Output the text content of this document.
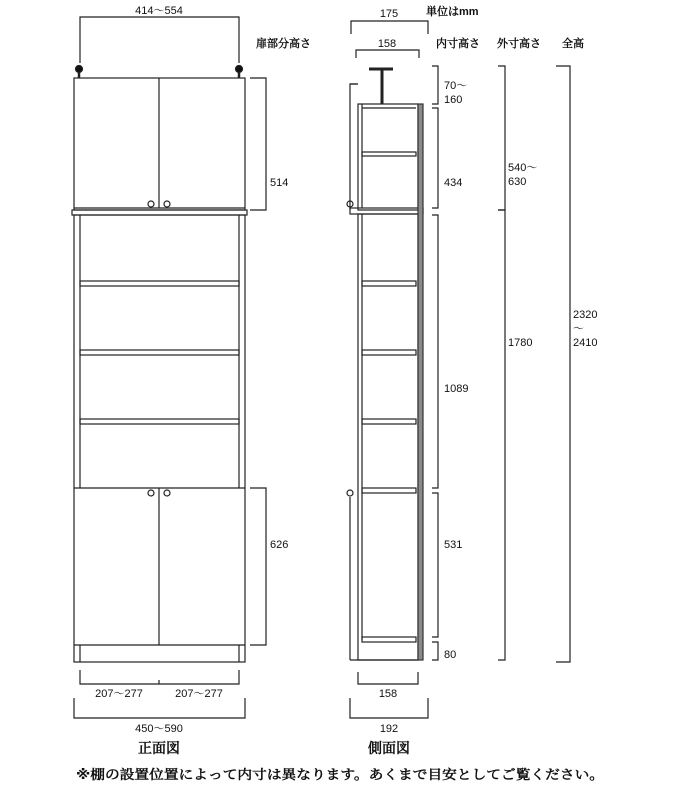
単位はmm
414〜554
扉部分高さ
514
626
207〜277	207〜277
450〜590
正面図
175
158	内寸高さ 外寸高さ 全高
70〜
160
434
1089
531
80
540〜
630
1780
2320
〜
2410
158
192
側面図
※棚の設置位置によって内寸は異なります。あくまで目安としてご覧ください。
